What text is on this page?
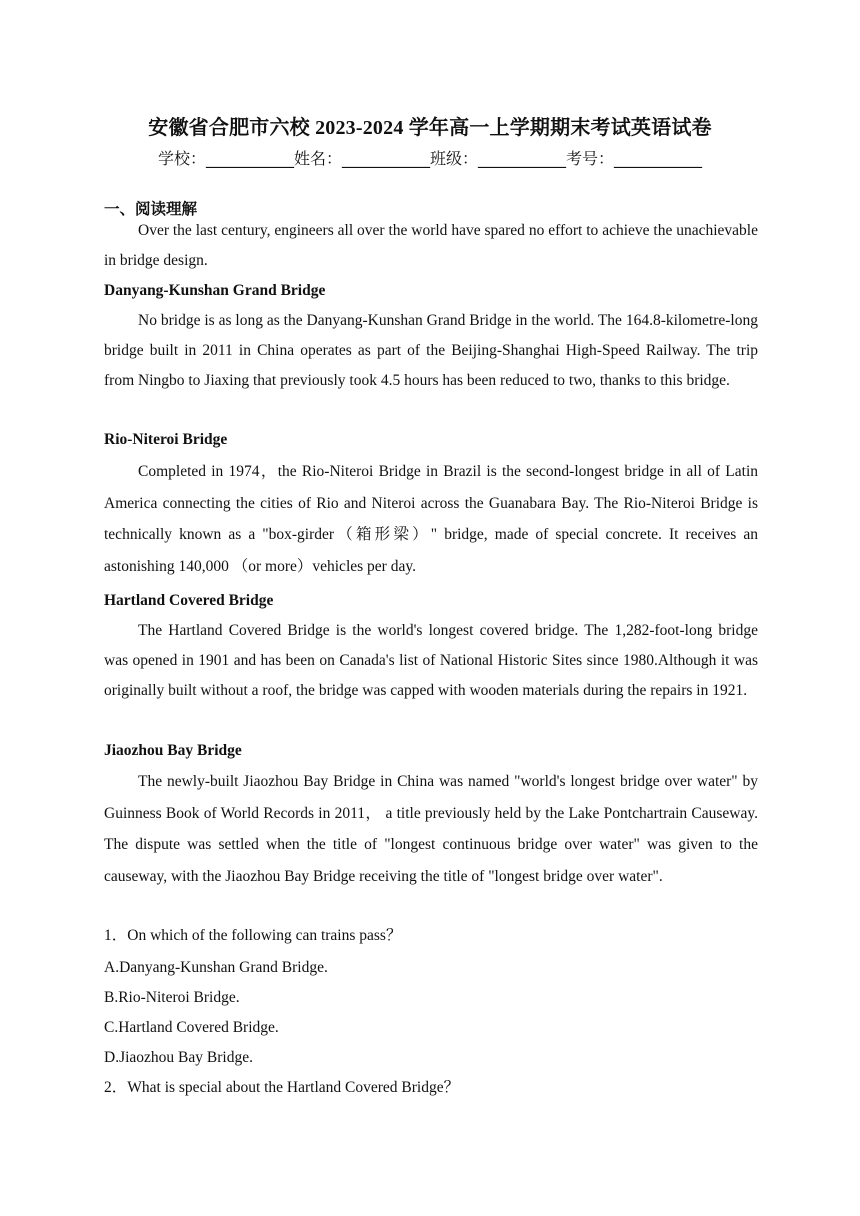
安徽省合肥市六校 2023-2024 学年高一上学期期末考试英语试卷
学校：___________姓名：___________班级：___________考号：___________
一、阅读理解
Over the last century, engineers all over the world have spared no effort to achieve the unachievable in bridge design.
Danyang-Kunshan Grand Bridge
No bridge is as long as the Danyang-Kunshan Grand Bridge in the world. The 164.8-kilometre-long bridge built in 2011 in China operates as part of the Beijing-Shanghai High-Speed Railway. The trip from Ningbo to Jiaxing that previously took 4.5 hours has been reduced to two, thanks to this bridge.
Rio-Niteroi Bridge
Completed in 1974，the Rio-Niteroi Bridge in Brazil is the second-longest bridge in all of Latin America connecting the cities of Rio and Niteroi across the Guanabara Bay. The Rio-Niteroi Bridge is technically known as a "box-girder（箱形梁）" bridge, made of special concrete. It receives an astonishing 140,000 （or more）vehicles per day.
Hartland Covered Bridge
The Hartland Covered Bridge is the world's longest covered bridge. The 1,282-foot-long bridge was opened in 1901 and has been on Canada's list of National Historic Sites since 1980.Although it was originally built without a roof, the bridge was capped with wooden materials during the repairs in 1921.
Jiaozhou Bay Bridge
The newly-built Jiaozhou Bay Bridge in China was named "world's longest bridge over water" by Guinness Book of World Records in 2011， a title previously held by the Lake Pontchartrain Causeway. The dispute was settled when the title of "longest continuous bridge over water" was given to the causeway, with the Jiaozhou Bay Bridge receiving the title of "longest bridge over water".
1．On which of the following can trains pass？
A.Danyang-Kunshan Grand Bridge.
B.Rio-Niteroi Bridge.
C.Hartland Covered Bridge.
D.Jiaozhou Bay Bridge.
2．What is special about the Hartland Covered Bridge？
